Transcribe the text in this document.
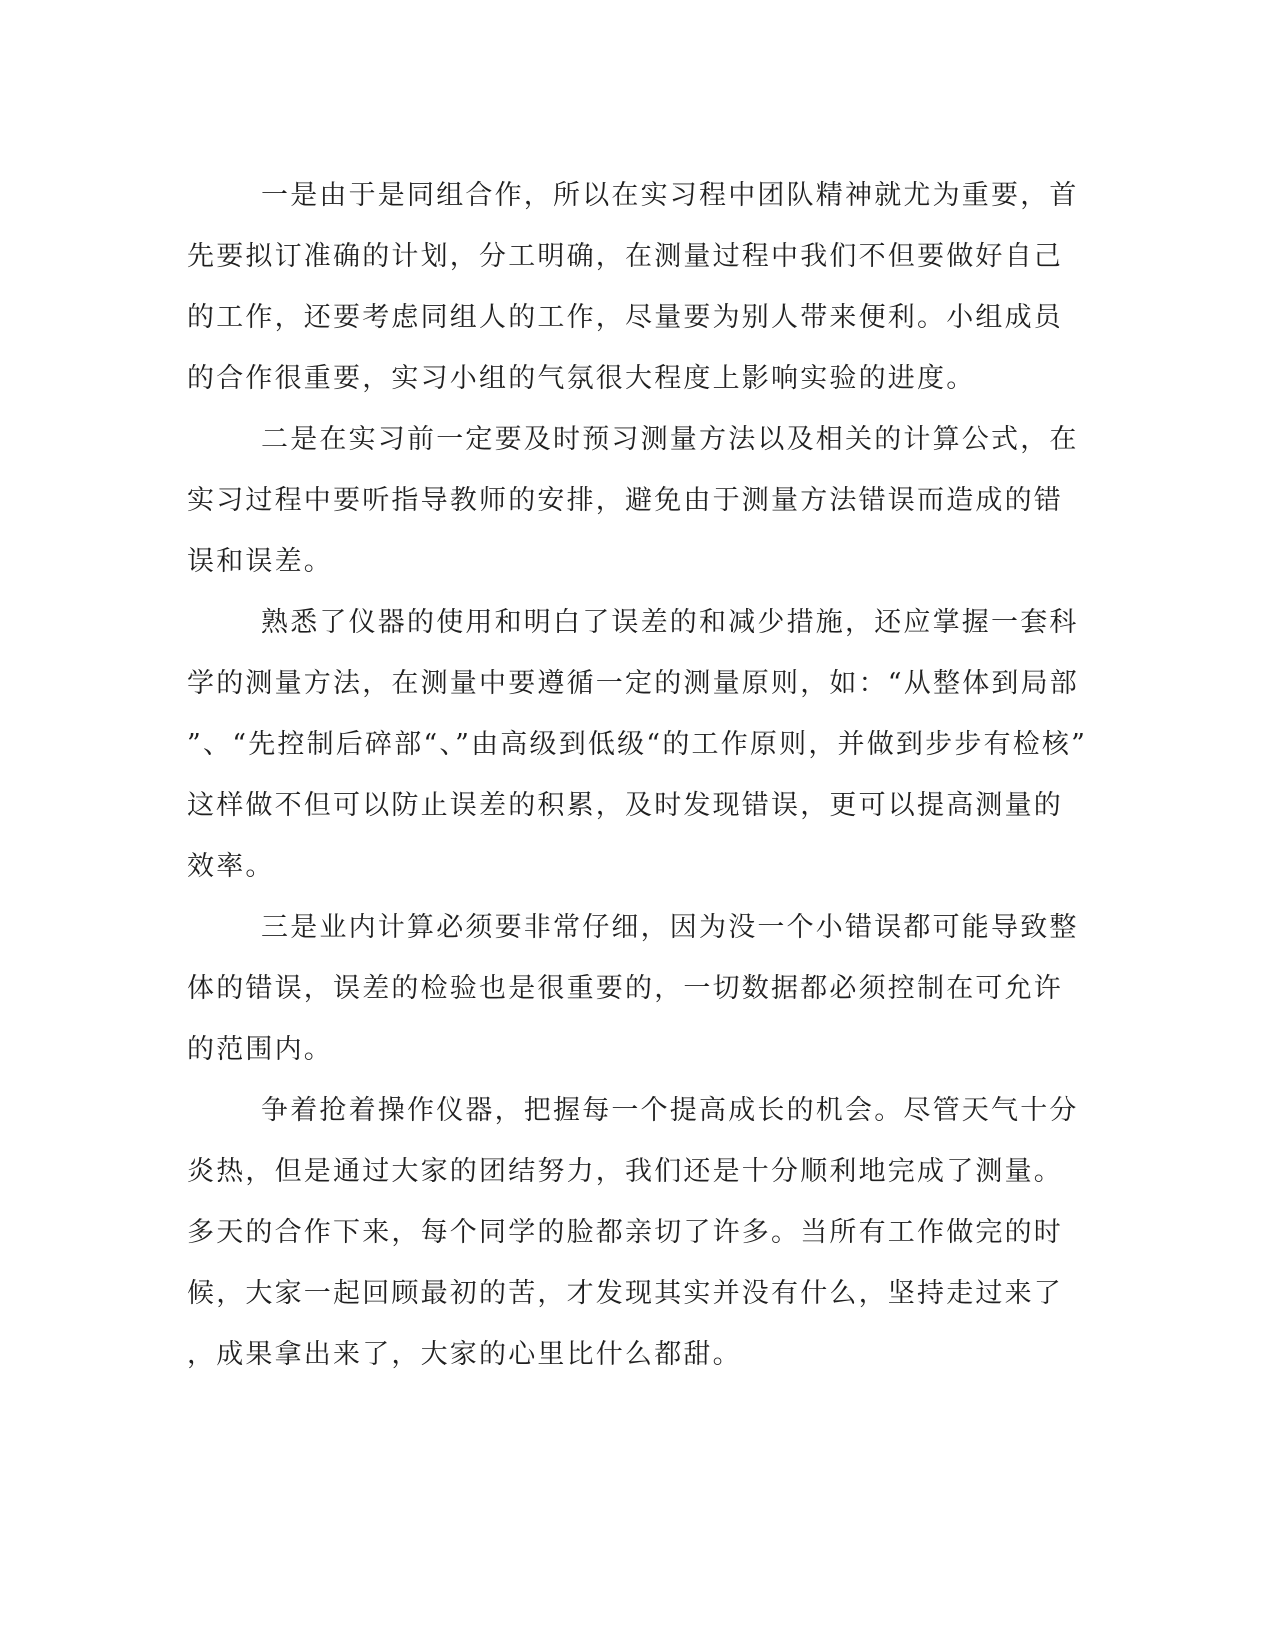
一是由于是同组合作，所以在实习程中团队精神就尤为重要，首
先要拟订准确的计划，分工明确，在测量过程中我们不但要做好自己
的工作，还要考虑同组人的工作，尽量要为别人带来便利。小组成员
的合作很重要，实习小组的气氛很大程度上影响实验的进度。

二是在实习前一定要及时预习测量方法以及相关的计算公式，在
实习过程中要听指导教师的安排，避免由于测量方法错误而造成的错
误和误差。

熟悉了仪器的使用和明白了误差的和减少措施，还应掌握一套科
学的测量方法，在测量中要遵循一定的测量原则，如：“从整体到局部
”、“先控制后碎部“、”由高级到低级“的工作原则，并做到步步有检核”
这样做不但可以防止误差的积累，及时发现错误，更可以提高测量的
效率。

三是业内计算必须要非常仔细，因为没一个小错误都可能导致整
体的错误，误差的检验也是很重要的，一切数据都必须控制在可允许
的范围内。

争着抢着操作仪器，把握每一个提高成长的机会。尽管天气十分
炎热，但是通过大家的团结努力，我们还是十分顺利地完成了测量。
多天的合作下来，每个同学的脸都亲切了许多。当所有工作做完的时
候，大家一起回顾最初的苦，才发现其实并没有什么，坚持走过来了
，成果拿出来了，大家的心里比什么都甜。
